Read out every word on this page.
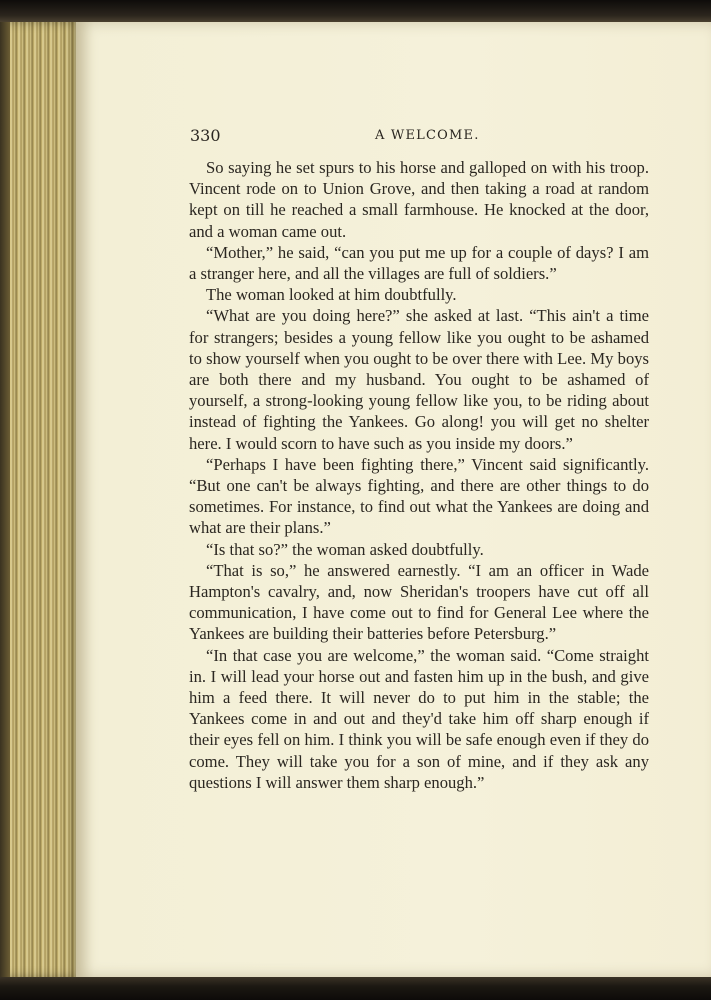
330	A WELCOME.

So saying he set spurs to his horse and galloped on with his troop. Vincent rode on to Union Grove, and then taking a road at random kept on till he reached a small farmhouse. He knocked at the door, and a woman came out.

“Mother,” he said, “can you put me up for a couple of days? I am a stranger here, and all the villages are full of soldiers.”

The woman looked at him doubtfully.

“What are you doing here?” she asked at last. “This ain't a time for strangers; besides a young fellow like you ought to be ashamed to show yourself when you ought to be over there with Lee. My boys are both there and my husband. You ought to be ashamed of yourself, a strong-looking young fellow like you, to be riding about instead of fighting the Yankees. Go along! you will get no shelter here. I would scorn to have such as you inside my doors.”

“Perhaps I have been fighting there,” Vincent said significantly. “But one can't be always fighting, and there are other things to do sometimes. For instance, to find out what the Yankees are doing and what are their plans.”

“Is that so?” the woman asked doubtfully.

“That is so,” he answered earnestly. “I am an officer in Wade Hampton's cavalry, and, now Sheridan's troopers have cut off all communication, I have come out to find for General Lee where the Yankees are building their batteries before Petersburg.”

“In that case you are welcome,” the woman said. “Come straight in. I will lead your horse out and fasten him up in the bush, and give him a feed there. It will never do to put him in the stable; the Yankees come in and out and they'd take him off sharp enough if their eyes fell on him. I think you will be safe enough even if they do come. They will take you for a son of mine, and if they ask any questions I will answer them sharp enough.”
